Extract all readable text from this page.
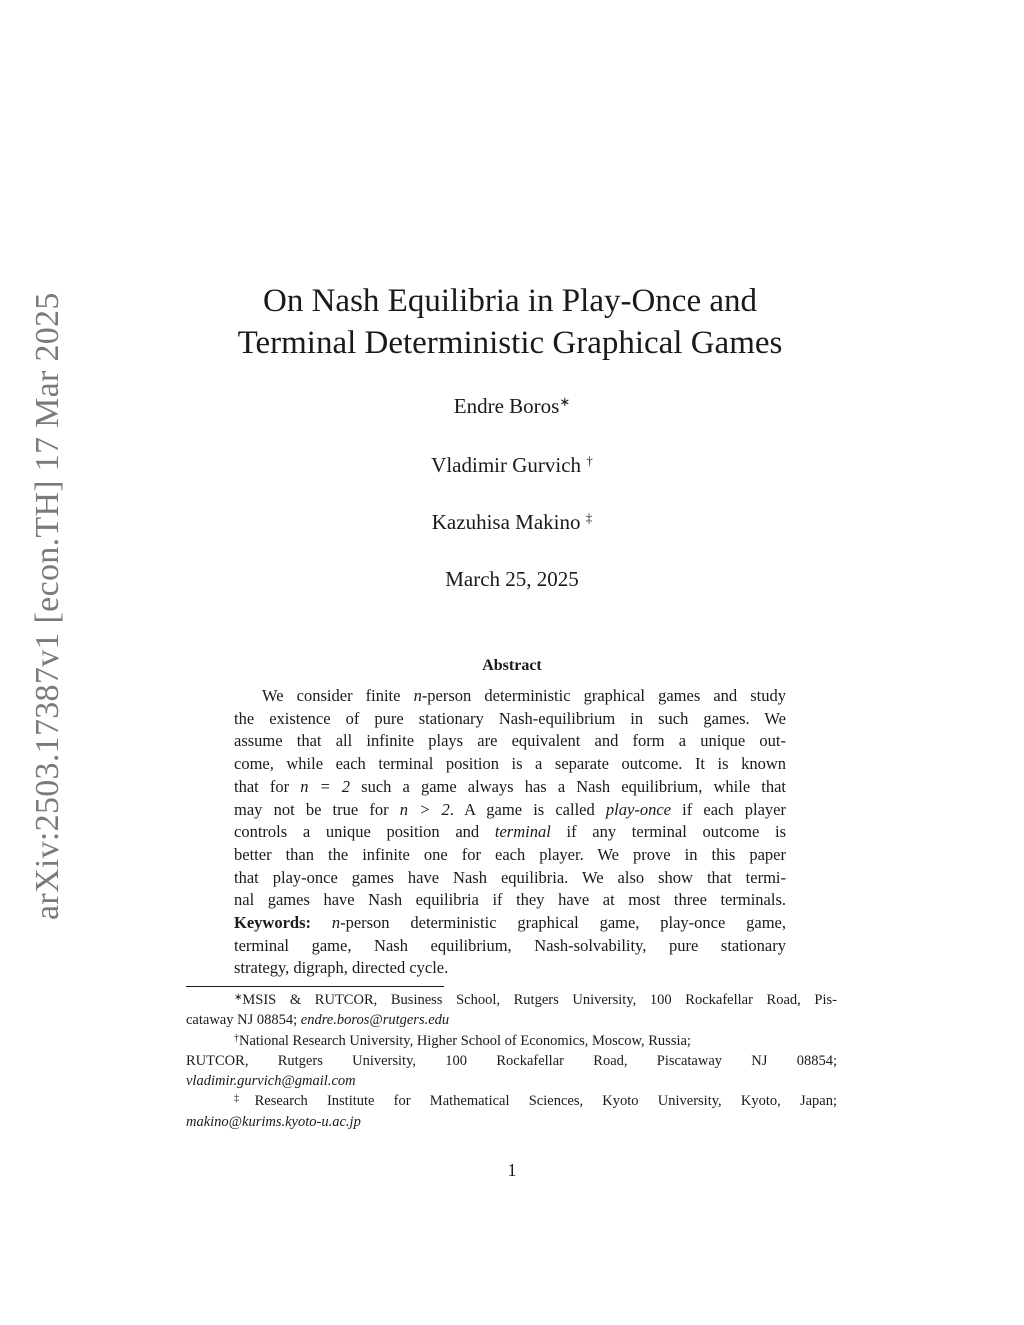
arXiv:2503.17387v1 [econ.TH] 17 Mar 2025	On Nash Equilibria in Play-Once and
Terminal Deterministic Graphical Games
Endre Boros∗
Vladimir Gurvich †
Kazuhisa Makino ‡
March 25, 2025
Abstract
We consider finite n-person deterministic graphical games and study
the existence of pure stationary Nash-equilibrium in such games. We
assume that all infinite plays are equivalent and form a unique out-
come, while each terminal position is a separate outcome. It is known
that for n = 2 such a game always has a Nash equilibrium, while that
may not be true for n > 2. A game is called play-once if each player
controls a unique position and terminal if any terminal outcome is
better than the infinite one for each player. We prove in this paper
that play-once games have Nash equilibria. We also show that termi-
nal games have Nash equilibria if they have at most three terminals.
Keywords: n-person deterministic graphical game, play-once game,
terminal game, Nash equilibrium, Nash-solvability, pure stationary
strategy, digraph, directed cycle.
∗MSIS & RUTCOR, Business School, Rutgers University, 100 Rockafellar Road, Pis-
cataway NJ 08854; endre.boros@rutgers.edu
†National Research University, Higher School of Economics, Moscow, Russia;
RUTCOR, Rutgers University, 100 Rockafellar Road, Piscataway NJ 08854;
vladimir.gurvich@gmail.com
‡Research Institute for Mathematical Sciences, Kyoto University, Kyoto, Japan;
makino@kurims.kyoto-u.ac.jp
1
